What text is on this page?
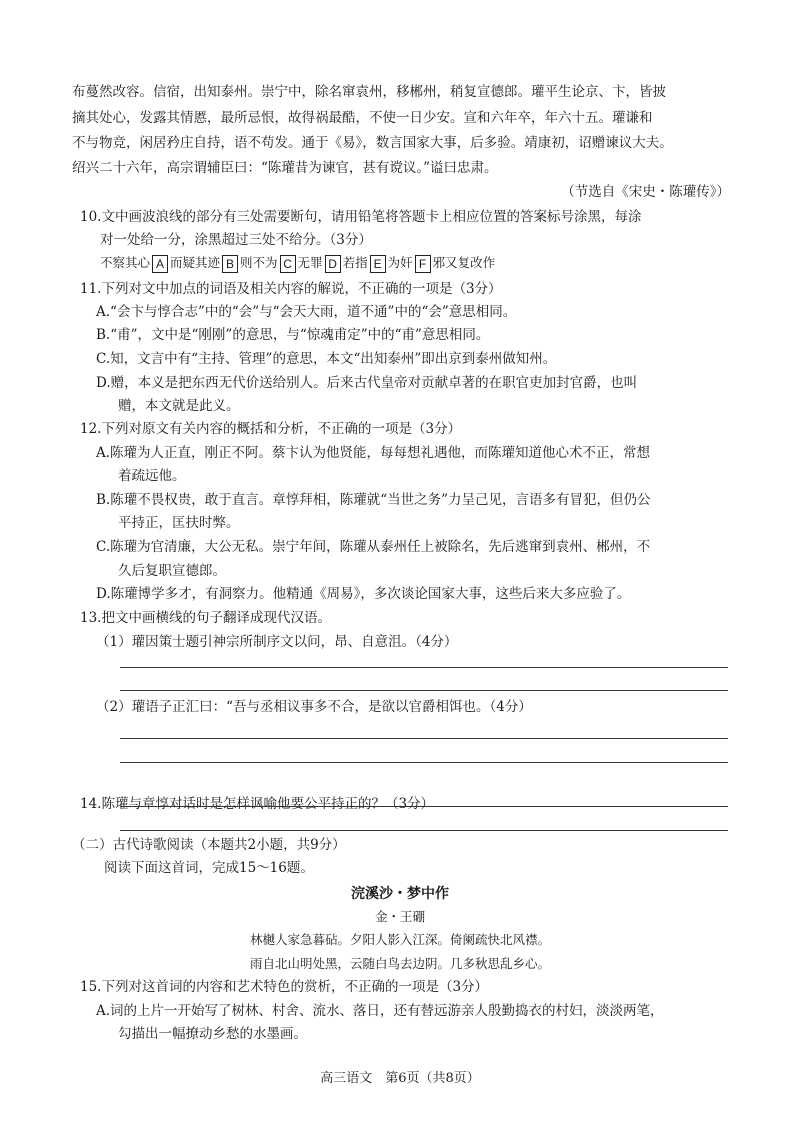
布蔓然改容。信宿，出知泰州。崇宁中，除名窜袁州，移郴州，稍复宣德郎。瓘平生论京、卞，皆披
摘其处心，发露其情慝，最所忌恨，故得祸最酷，不使一日少安。宣和六年卒，年六十五。瓘谦和
不与物竞，闲居矜庄自持，语不苟发。通于《易》，数言国家大事，后多验。靖康初，诏赠谏议大夫。
绍兴二十六年，高宗谓辅臣曰：“陈瓘昔为谏官，甚有谠议。”谥曰忠肃。
（节选自《宋史・陈瓘传》）
10.文中画波浪线的部分有三处需要断句，请用铅笔将答题卡上相应位置的答案标号涂黑，每涂
对一处给一分，涂黑超过三处不给分。（3分）
不察其心 A 而疑其迹 B 则不为 C 无罪 D 若指 E 为奸 F 邪又复改作
11.下列对文中加点的词语及相关内容的解说，不正确的一项是（3分）
A.“会卞与惇合志”中的“会”与“会天大雨，道不通”中的“会”意思相同。
B.“甫”，文中是“刚刚”的意思，与“惊魂甫定”中的“甫”意思相同。
C.知，文言中有“主持、管理”的意思，本文“出知泰州”即出京到泰州做知州。
D.赠，本义是把东西无代价送给别人。后来古代皇帝对贡献卓著的在职官吏加封官爵，也叫
赠，本文就是此义。
12.下列对原文有关内容的概括和分析，不正确的一项是（3分）
A.陈瓘为人正直，刚正不阿。蔡卞认为他贤能，每每想礼遇他，而陈瓘知道他心术不正，常想
着疏远他。
B.陈瓘不畏权贵，敢于直言。章惇拜相，陈瓘就“当世之务”力呈己见，言语多有冒犯，但仍公
平持正，匡扶时弊。
C.陈瓘为官清廉，大公无私。崇宁年间，陈瓘从泰州任上被除名，先后逃窜到袁州、郴州，不
久后复职宣德郎。
D.陈瓘博学多才，有洞察力。他精通《周易》，多次谈论国家大事，这些后来大多应验了。
13.把文中画横线的句子翻译成现代汉语。
（1）瓘因策士题引神宗所制序文以问，昂、自意沮。（4分）
（2）瓘语子正汇曰：“吾与丞相议事多不合，是欲以官爵相饵也。（4分）
14.陈瓘与章惇对话时是怎样讽喻他要公平持正的？（3分）
（二）古代诗歌阅读（本题共2小题，共9分）
阅读下面这首词，完成15～16题。
浣溪沙・梦中作
金・王硼
林樾人家急暮砧。夕阳人影入江深。倚阑疏快北风襟。
雨自北山明处黑，云随白鸟去边阴。几多秋思乱乡心。
15.下列对这首词的内容和艺术特色的赏析，不正确的一项是（3分）
A.词的上片一开始写了树林、村舍、流水、落日，还有替远游亲人殷勤捣衣的村妇，淡淡两笔，
勾描出一幅撩动乡愁的水墨画。
高三语文　第6页（共8页）
